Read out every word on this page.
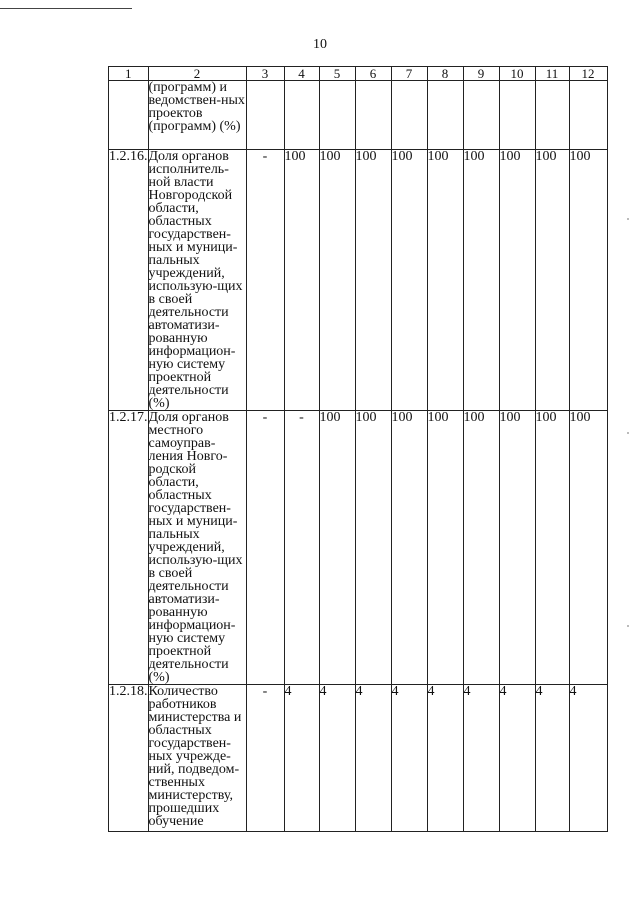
10
1	2	3	4	5	6	7	8	9	10	11	12
	(программ) и ведомствен-ных проектов (программ) (%)										
1.2.16.	Доля органов исполнитель-ной власти Новгородской области, областных государствен-ных и муници-пальных учреждений, использую-щих в своей деятельности автоматизи-рованную информацион-ную систему проектной деятельности (%)	-	100	100	100	100	100	100	100	100	100
1.2.17.	Доля органов местного самоуправ-ления Новго-родской области, областных государствен-ных и муници-пальных учреждений, использую-щих в своей деятельности автоматизи-рованную информацион-ную систему проектной деятельности (%)	-	-	100	100	100	100	100	100	100	100
1.2.18.	Количество работников министерства и областных государствен-ных учрежде-ний, подведом-ственных министерству, прошедших обучение	-	4	4	4	4	4	4	4	4	4
